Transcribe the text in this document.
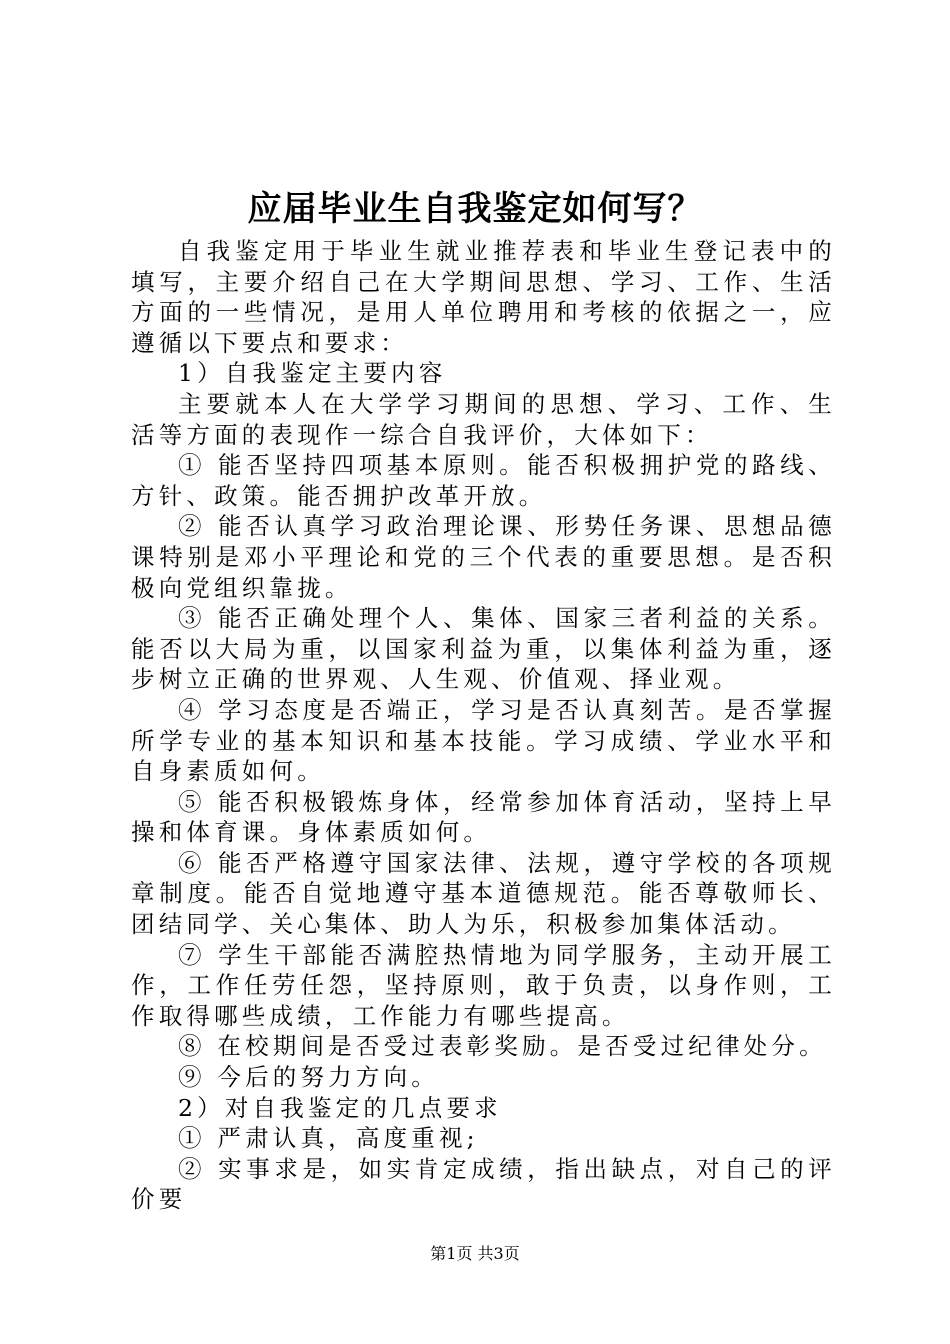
应届毕业生自我鉴定如何写？

自我鉴定用于毕业生就业推荐表和毕业生登记表中的填写，主要介绍自己在大学期间思想、学习、工作、生活方面的一些情况，是用人单位聘用和考核的依据之一，应遵循以下要点和要求：

1）自我鉴定主要内容

主要就本人在大学学习期间的思想、学习、工作、生活等方面的表现作一综合自我评价，大体如下：

① 能否坚持四项基本原则。能否积极拥护党的路线、方针、政策。能否拥护改革开放。

② 能否认真学习政治理论课、形势任务课、思想品德课特别是邓小平理论和党的三个代表的重要思想。是否积极向党组织靠拢。

③ 能否正确处理个人、集体、国家三者利益的关系。能否以大局为重，以国家利益为重，以集体利益为重，逐步树立正确的世界观、人生观、价值观、择业观。

④ 学习态度是否端正，学习是否认真刻苦。是否掌握所学专业的基本知识和基本技能。学习成绩、学业水平和自身素质如何。

⑤ 能否积极锻炼身体，经常参加体育活动，坚持上早操和体育课。身体素质如何。

⑥ 能否严格遵守国家法律、法规，遵守学校的各项规章制度。能否自觉地遵守基本道德规范。能否尊敬师长、团结同学、关心集体、助人为乐，积极参加集体活动。

⑦ 学生干部能否满腔热情地为同学服务，主动开展工作，工作任劳任怨，坚持原则，敢于负责，以身作则，工作取得哪些成绩，工作能力有哪些提高。

⑧ 在校期间是否受过表彰奖励。是否受过纪律处分。

⑨ 今后的努力方向。

2）对自我鉴定的几点要求

① 严肃认真，高度重视;

② 实事求是，如实肯定成绩，指出缺点，对自己的评价要

第1页 共3页
